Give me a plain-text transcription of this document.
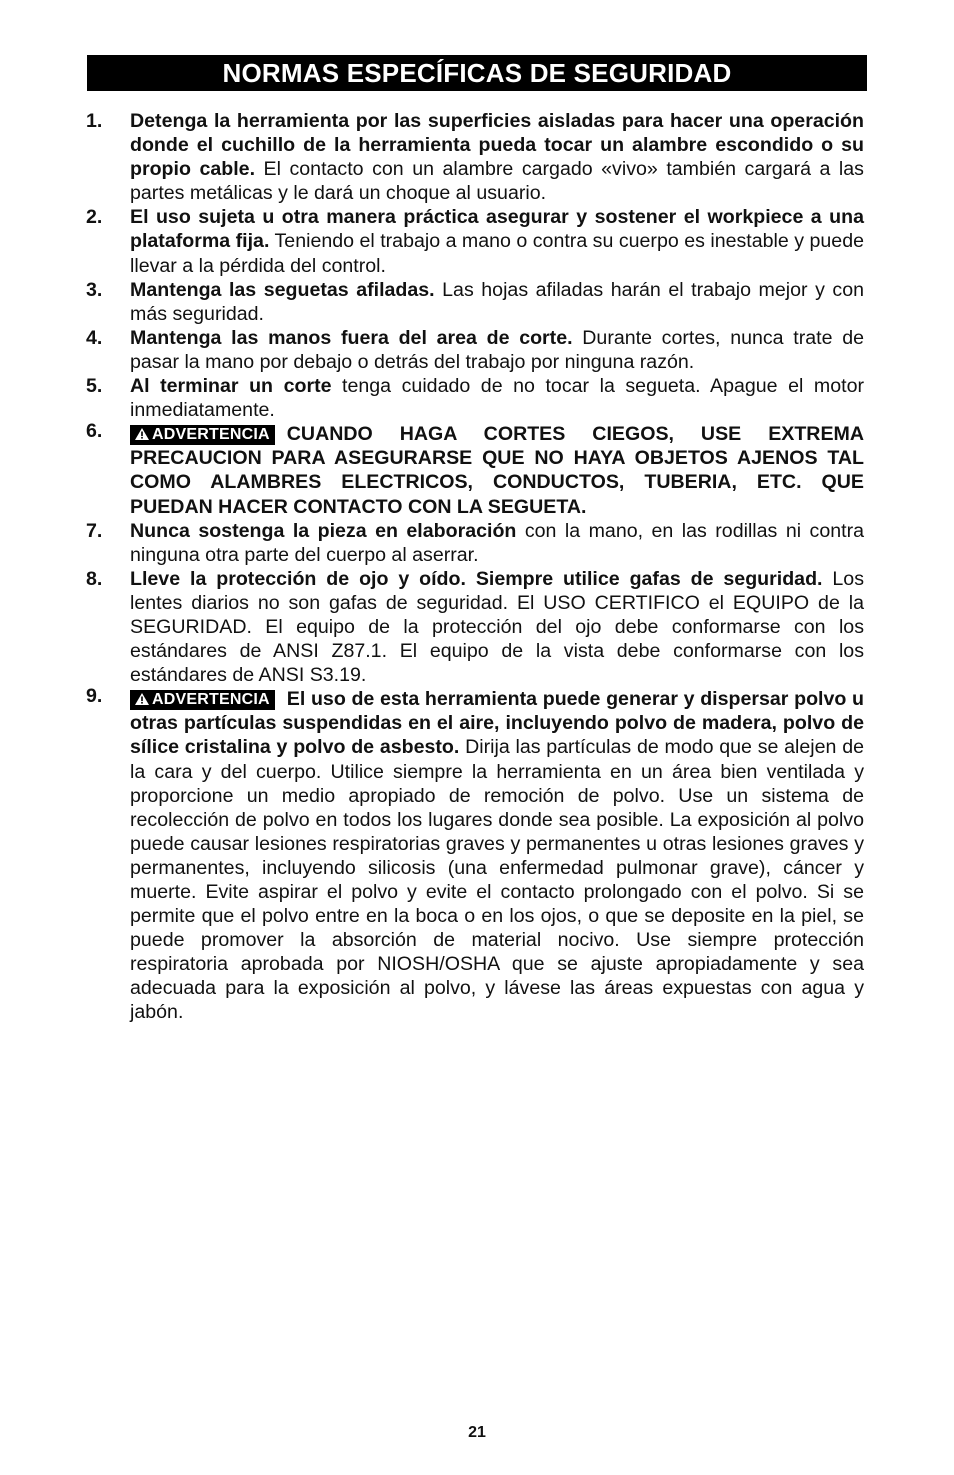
NORMAS ESPECÍFICAS DE SEGURIDAD
1. Detenga la herramienta por las superficies aisladas para hacer una operación donde el cuchillo de la herramienta pueda tocar un alambre escondido o su propio cable. El contacto con un alambre cargado «vivo» también cargará a las partes metálicas y le dará un choque al usuario.
2. El uso sujeta u otra manera práctica asegurar y sostener el workpiece a una plataforma fija. Teniendo el trabajo a mano o contra su cuerpo es inestable y puede llevar a la pérdida del control.
3. Mantenga las seguetas afiladas. Las hojas afiladas harán el trabajo mejor y con más seguridad.
4. Mantenga las manos fuera del area de corte. Durante cortes, nunca trate de pasar la mano por debajo o detrás del trabajo por ninguna razón.
5. Al terminar un corte tenga cuidado de no tocar la segueta. Apague el motor inmediatamente.
6.	ADVERTENCIA CUANDO HAGA CORTES CIEGOS, USE EXTREMA PRECAUCION PARA ASEGURARSE QUE NO HAYA OBJETOS AJENOS TAL COMO ALAMBRES ELECTRICOS, CONDUCTOS, TUBERIA, ETC. QUE PUEDAN HACER CONTACTO CON LA SEGUETA.
7. Nunca sostenga la pieza en elaboración con la mano, en las rodillas ni contra ninguna otra parte del cuerpo al aserrar.
8. Lleve la protección de ojo y oído. Siempre utilice gafas de seguridad. Los lentes diarios no son gafas de seguridad. El USO CERTIFICO el EQUIPO de la SEGURIDAD. El equipo de la protección del ojo debe conformarse con los estándares de ANSI Z87.1. El equipo de la vista debe conformarse con los estándares de ANSI S3.19.
9.	ADVERTENCIA El uso de esta herramienta puede generar y dispersar polvo u otras partículas suspendidas en el aire, incluyendo polvo de madera, polvo de sílice cristalina y polvo de asbesto. Dirija las partículas de modo que se alejen de la cara y del cuerpo. Utilice siempre la herramienta en un área bien ventilada y proporcione un medio apropiado de remoción de polvo. Use un sistema de recolección de polvo en todos los lugares donde sea posible. La exposición al polvo puede causar lesiones respiratorias graves y permanentes u otras lesiones graves y permanentes, incluyendo silicosis (una enfermedad pulmonar grave), cáncer y muerte. Evite aspirar el polvo y evite el contacto prolongado con el polvo. Si se permite que el polvo entre en la boca o en los ojos, o que se deposite en la piel, se puede promover la absorción de material nocivo. Use siempre protección respiratoria aprobada por NIOSH/OSHA que se ajuste apropiadamente y sea adecuada para la exposición al polvo, y lávese las áreas expuestas con agua y jabón.
21
